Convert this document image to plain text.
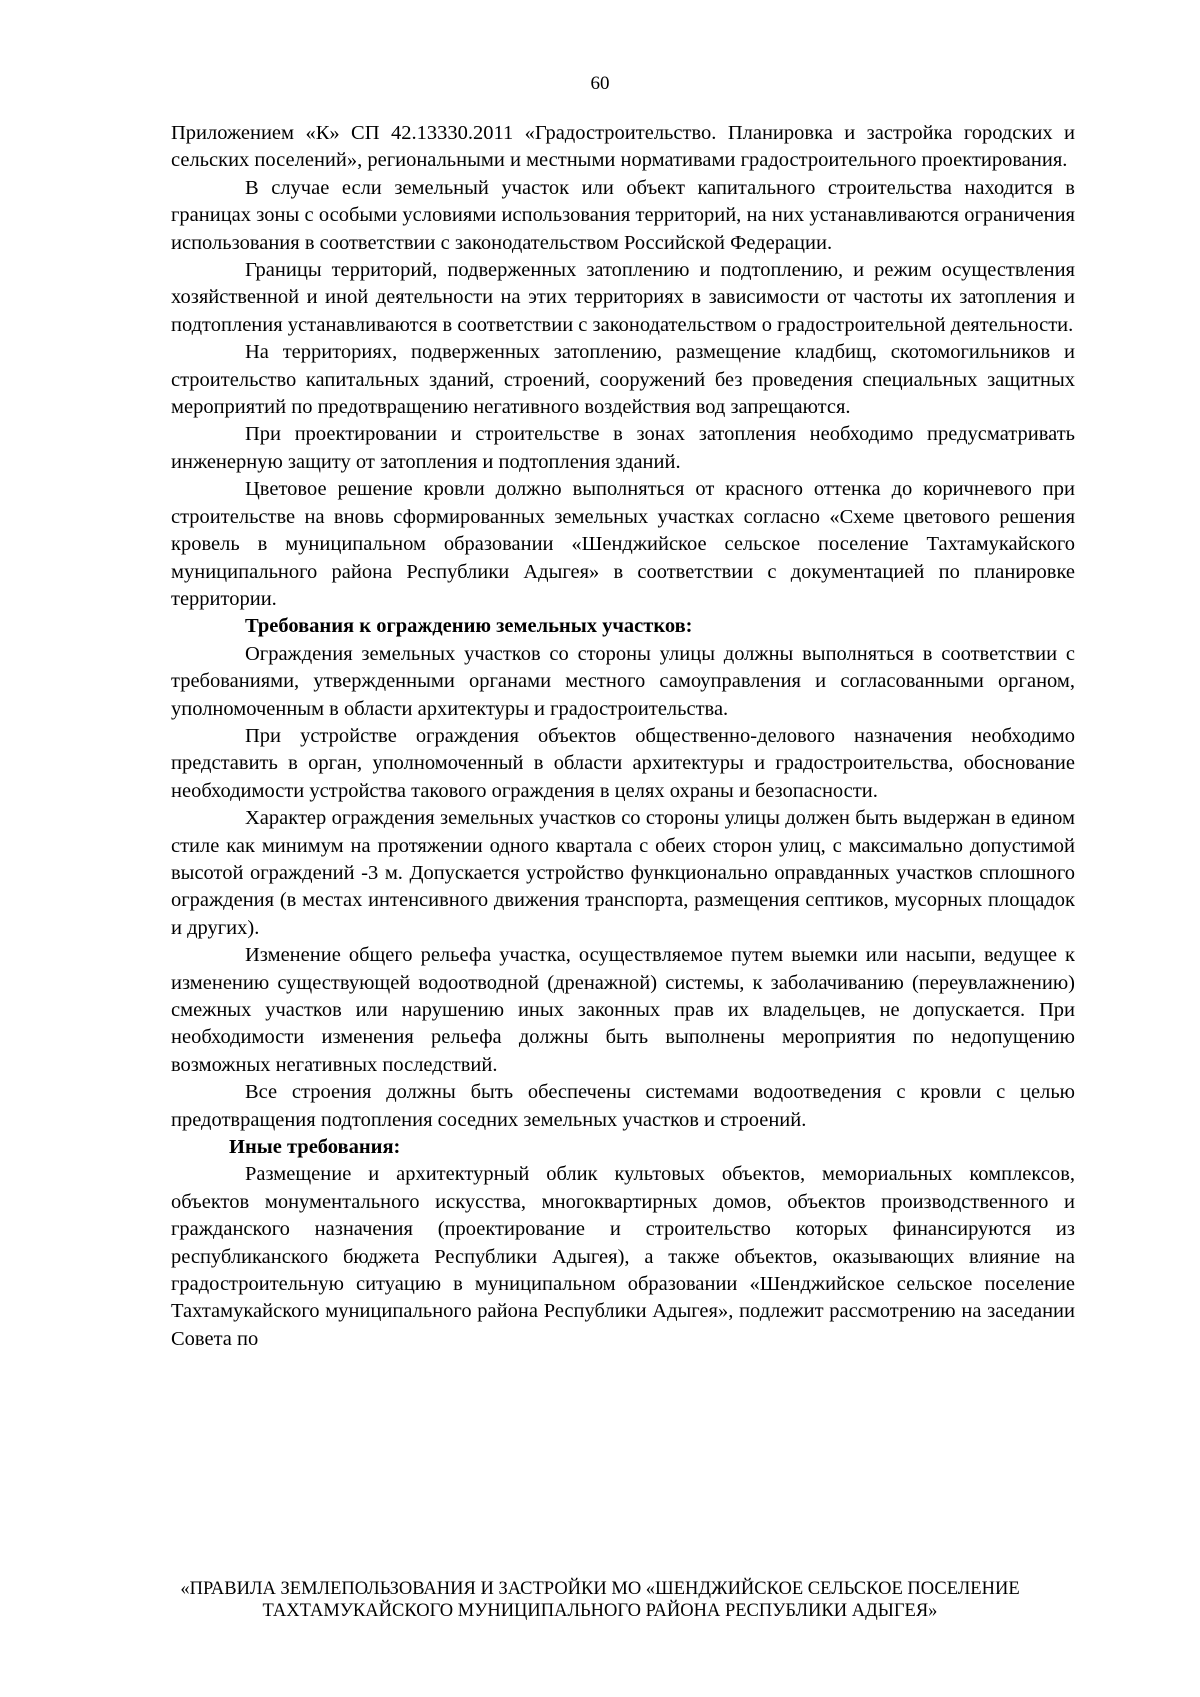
60

Приложением «К» СП 42.13330.2011 «Градостроительство. Планировка и застройка городских и сельских поселений», региональными и местными нормативами градостроительного проектирования.

В случае если земельный участок или объект капитального строительства находится в границах зоны с особыми условиями использования территорий, на них устанавливаются ограничения использования в соответствии с законодательством Российской Федерации.

Границы территорий, подверженных затоплению и подтоплению, и режим осуществления хозяйственной и иной деятельности на этих территориях в зависимости от частоты их затопления и подтопления устанавливаются в соответствии с законодательством о градостроительной деятельности.

На территориях, подверженных затоплению, размещение кладбищ, скотомогильников и строительство капитальных зданий, строений, сооружений без проведения специальных защитных мероприятий по предотвращению негативного воздействия вод запрещаются.

При проектировании и строительстве в зонах затопления необходимо предусматривать инженерную защиту от затопления и подтопления зданий.

Цветовое решение кровли должно выполняться от красного оттенка до коричневого при строительстве на вновь сформированных земельных участках согласно «Схеме цветового решения кровель в муниципальном образовании «Шенджийское сельское поселение Тахтамукайского муниципального района Республики Адыгея» в соответствии с документацией по планировке территории.

Требования к ограждению земельных участков:

Ограждения земельных участков со стороны улицы должны выполняться в соответствии с требованиями, утвержденными органами местного самоуправления и согласованными органом, уполномоченным в области архитектуры и градостроительства.

При устройстве ограждения объектов общественно-делового назначения необходимо представить в орган, уполномоченный в области архитектуры и градостроительства, обоснование необходимости устройства такового ограждения в целях охраны и безопасности.

Характер ограждения земельных участков со стороны улицы должен быть выдержан в едином стиле как минимум на протяжении одного квартала с обеих сторон улиц, с максимально допустимой высотой ограждений -3 м. Допускается устройство функционально оправданных участков сплошного ограждения (в местах интенсивного движения транспорта, размещения септиков, мусорных площадок и других).

Изменение общего рельефа участка, осуществляемое путем выемки или насыпи, ведущее к изменению существующей водоотводной (дренажной) системы, к заболачиванию (переувлажнению) смежных участков или нарушению иных законных прав их владельцев, не допускается. При необходимости изменения рельефа должны быть выполнены мероприятия по недопущению возможных негативных последствий.

Все строения должны быть обеспечены системами водоотведения с кровли с целью предотвращения подтопления соседних земельных участков и строений.

Иные требования:

Размещение и архитектурный облик культовых объектов, мемориальных комплексов, объектов монументального искусства, многоквартирных домов, объектов производственного и гражданского назначения (проектирование и строительство которых финансируются из республиканского бюджета Республики Адыгея), а также объектов, оказывающих влияние на градостроительную ситуацию в муниципальном образовании «Шенджийское сельское поселение Тахтамукайского муниципального района Республики Адыгея», подлежит рассмотрению на заседании Совета по

«ПРАВИЛА ЗЕМЛЕПОЛЬЗОВАНИЯ И ЗАСТРОЙКИ МО «ШЕНДЖИЙСКОЕ СЕЛЬСКОЕ ПОСЕЛЕНИЕ
ТАХТАМУКАЙСКОГО МУНИЦИПАЛЬНОГО РАЙОНА РЕСПУБЛИКИ АДЫГЕЯ»
